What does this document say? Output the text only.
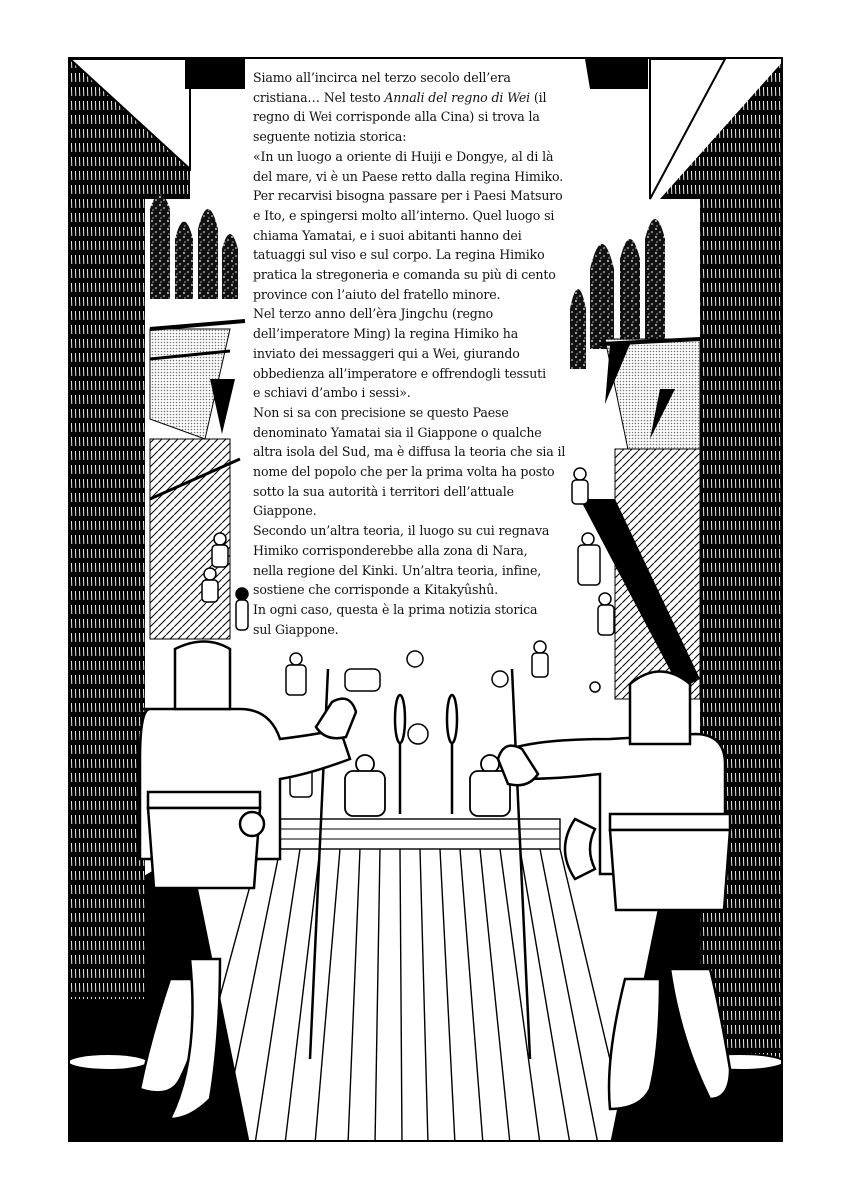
Siamo all’incirca nel terzo secolo dell’era

cristiana… Nel testo Annali del regno di Wei (il

regno di Wei corrisponde alla Cina) si trova la

seguente notizia storica:

«In un luogo a oriente di Huiji e Dongye, al di là

del mare, vi è un Paese retto dalla regina Himiko.

Per recarvisi bisogna passare per i Paesi Matsuro

e Ito, e spingersi molto all’interno. Quel luogo si

chiama Yamatai, e i suoi abitanti hanno dei

tatuaggi sul viso e sul corpo. La regina Himiko

pratica la stregoneria e comanda su più di cento

province con l’aiuto del fratello minore.

Nel terzo anno dell’èra Jingchu (regno

dell’imperatore Ming) la regina Himiko ha

inviato dei messaggeri qui a Wei, giurando

obbedienza all’imperatore e offrendogli tessuti

e schiavi d’ambo i sessi».

Non si sa con precisione se questo Paese

denominato Yamatai sia il Giappone o qualche

altra isola del Sud, ma è diffusa la teoria che sia il

nome del popolo che per la prima volta ha posto

sotto la sua autorità i territori dell’attuale

Giappone.

Secondo un’altra teoria, il luogo su cui regnava

Himiko corrisponderebbe alla zona di Nara,

nella regione del Kinki. Un’altra teoria, infine,

sostiene che corrisponde a Kitakyûshû.

In ogni caso, questa è la prima notizia storica

sul Giappone.
